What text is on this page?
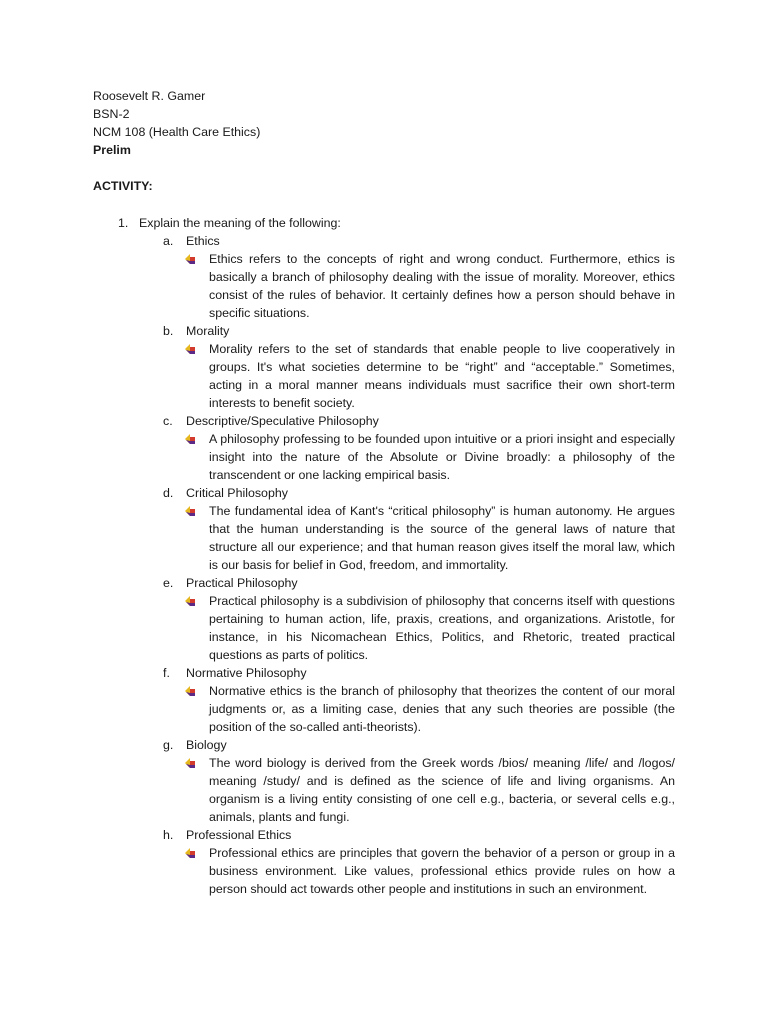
Roosevelt R. Gamer
BSN-2
NCM 108 (Health Care Ethics)
Prelim
ACTIVITY:
1. Explain the meaning of the following:
a. Ethics

Ethics refers to the concepts of right and wrong conduct. Furthermore, ethics is basically a branch of philosophy dealing with the issue of morality. Moreover, ethics consist of the rules of behavior. It certainly defines how a person should behave in specific situations.

b. Morality

Morality refers to the set of standards that enable people to live cooperatively in groups. It's what societies determine to be “right” and “acceptable.” Sometimes, acting in a moral manner means individuals must sacrifice their own short-term interests to benefit society.

c. Descriptive/Speculative Philosophy

A philosophy professing to be founded upon intuitive or a priori insight and especially insight into the nature of the Absolute or Divine broadly: a philosophy of the transcendent or one lacking empirical basis.

d. Critical Philosophy

The fundamental idea of Kant's “critical philosophy” is human autonomy. He argues that the human understanding is the source of the general laws of nature that structure all our experience; and that human reason gives itself the moral law, which is our basis for belief in God, freedom, and immortality.

e. Practical Philosophy

Practical philosophy is a subdivision of philosophy that concerns itself with questions pertaining to human action, life, praxis, creations, and organizations. Aristotle, for instance, in his Nicomachean Ethics, Politics, and Rhetoric, treated practical questions as parts of politics.

f. Normative Philosophy

Normative ethics is the branch of philosophy that theorizes the content of our moral judgments or, as a limiting case, denies that any such theories are possible (the position of the so-called anti-theorists).

g. Biology

The word biology is derived from the Greek words /bios/ meaning /life/ and /logos/ meaning /study/ and is defined as the science of life and living organisms. An organism is a living entity consisting of one cell e.g., bacteria, or several cells e.g., animals, plants and fungi.

h. Professional Ethics

Professional ethics are principles that govern the behavior of a person or group in a business environment. Like values, professional ethics provide rules on how a person should act towards other people and institutions in such an environment.
